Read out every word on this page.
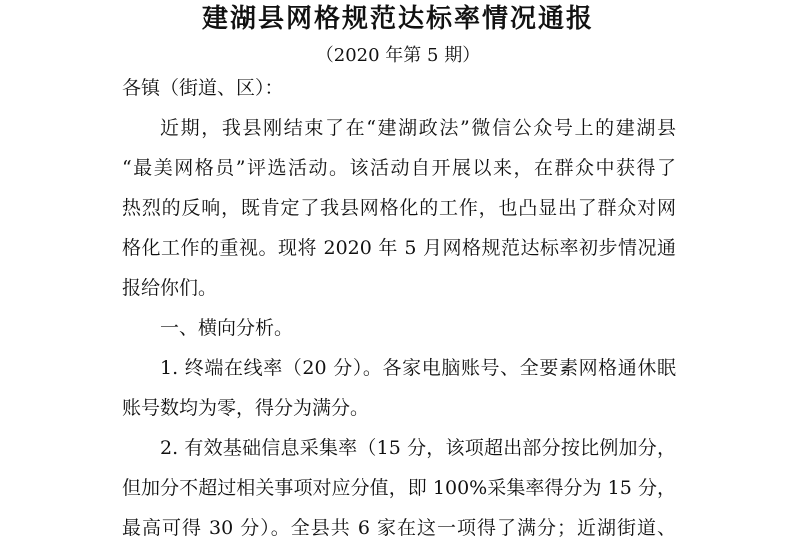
建湖县网格规范达标率情况通报
（2020 年第 5 期）
各镇（街道、区）：
近期，我县刚结束了在“建湖政法”微信公众号上的建湖县
“最美网格员”评选活动。该活动自开展以来，在群众中获得了
热烈的反响，既肯定了我县网格化的工作，也凸显出了群众对网
格化工作的重视。现将 2020 年 5 月网格规范达标率初步情况通
报给你们。
一、横向分析。
1. 终端在线率（20 分）。各家电脑账号、全要素网格通休眠
账号数均为零，得分为满分。
2. 有效基础信息采集率（15 分，该项超出部分按比例加分，
但加分不超过相关事项对应分值，即 100%采集率得分为 15 分，
最高可得 30 分）。全县共 6 家在这一项得了满分；近湖街道、
